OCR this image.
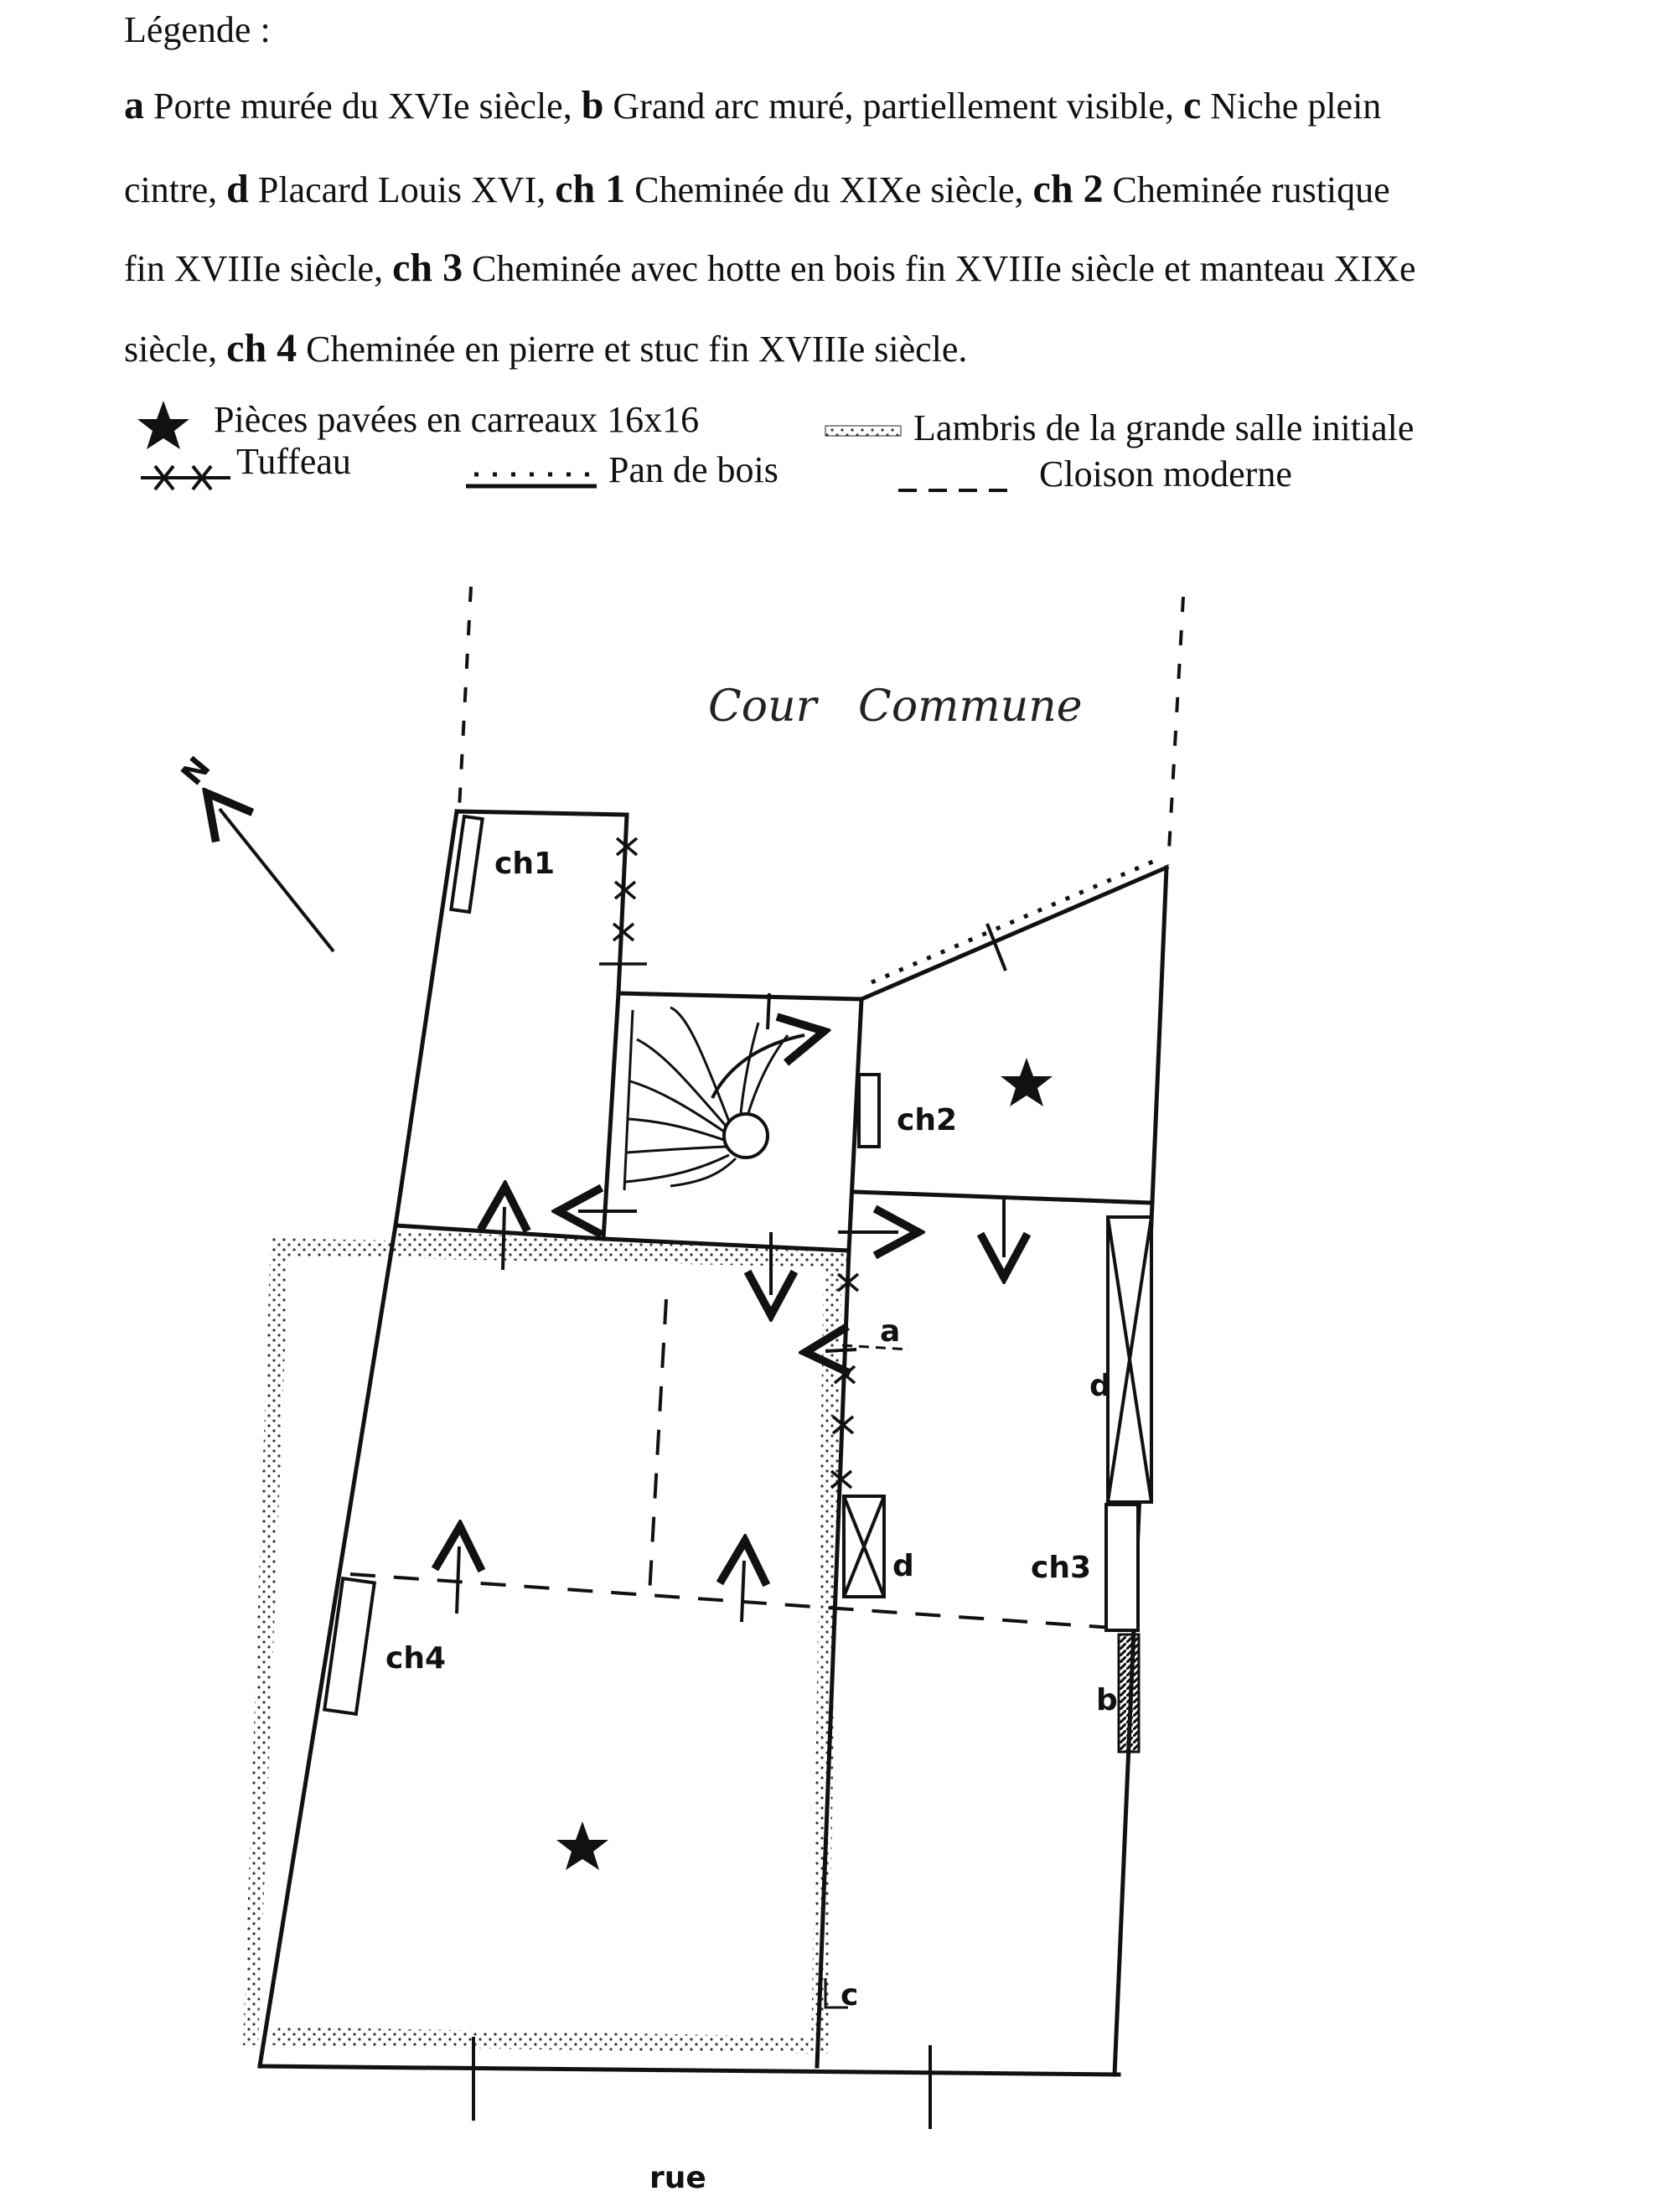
Légende :
a Porte murée du XVIe siècle, b Grand arc muré, partiellement visible, c Niche plein
cintre, d Placard Louis XVI, ch 1 Cheminée du XIXe siècle, ch 2 Cheminée rustique
fin XVIIIe siècle, ch 3 Cheminée avec hotte en bois fin XVIIIe siècle et manteau XIXe
siècle, ch 4 Cheminée en pierre et stuc fin XVIIIe siècle.
Pièces pavées en carreaux 16x16	Lambris de la grande salle initiale
Tuffeau	Pan de bois	Cloison moderne
N
Cour   Commune
ch1
ch2
ch3
ch4
a
b
c
d
d
rue
